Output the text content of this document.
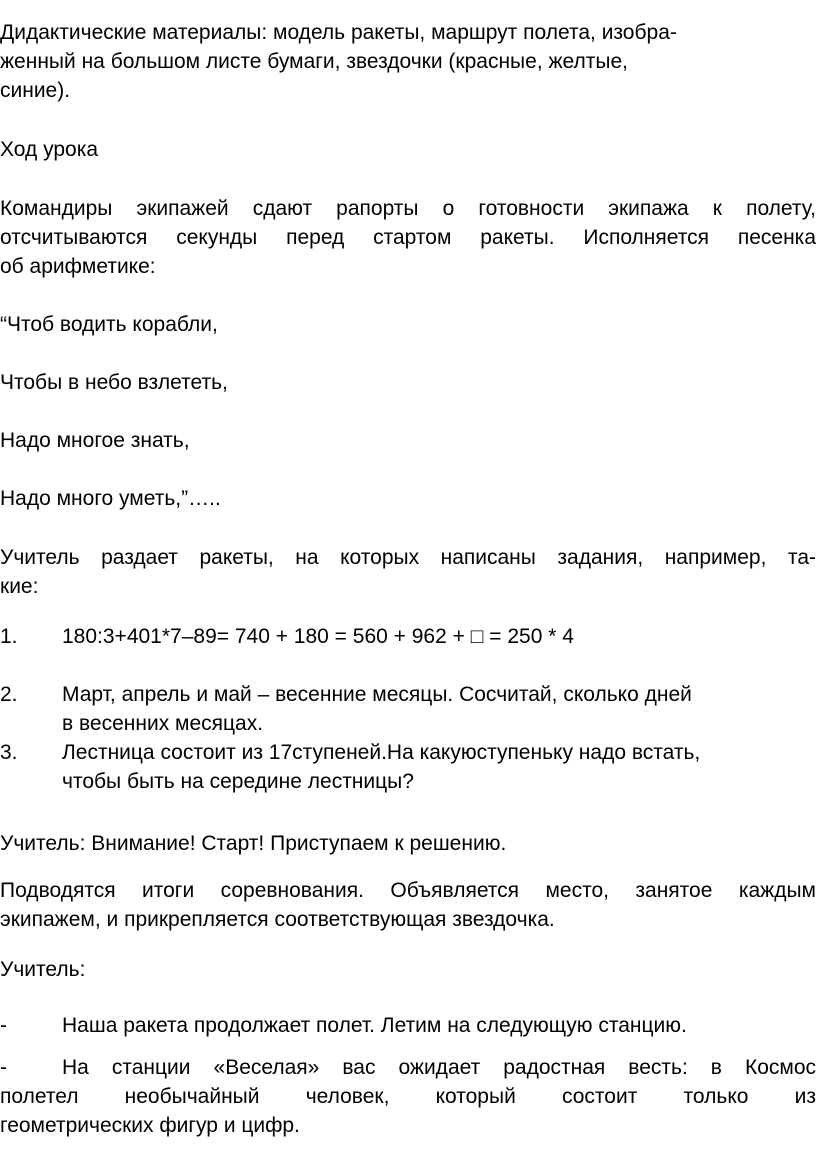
Дидактические материалы: модель ракеты, маршрут полета, изобра-
женный на большом листе бумаги, звездочки (красные, желтые,
синие).
Ход урока
Командиры экипажей сдают рапорты о готовности экипажа к полету,
отсчитываются секунды перед стартом ракеты. Исполняется песенка
об арифметике:
“Чтоб водить корабли,
Чтобы в небо взлететь,
Надо многое знать,
Надо много уметь,”…..
Учитель раздает ракеты, на которых написаны задания, например, та-
кие:
1.	180:3+401*7–89= 740 + 180 = 560 + 962 + □ = 250 * 4
2.	Март, апрель и май – весенние месяцы. Сосчитай, сколько дней
в весенних месяцах.
3.	Лестница состоит из 17ступеней.На какуюступеньку надо встать,
чтобы быть на середине лестницы?
Учитель: Внимание! Старт! Приступаем к решению.
Подводятся итоги соревнования. Объявляется место, занятое каждым
экипажем, и прикрепляется соответствующая звездочка.
Учитель:
-	Наша ракета продолжает полет. Летим на следующую станцию.
-	На станции «Веселая» вас ожидает радостная весть: в Космос
полетел необычайный человек, который состоит только из
геометрических фигур и цифр.
